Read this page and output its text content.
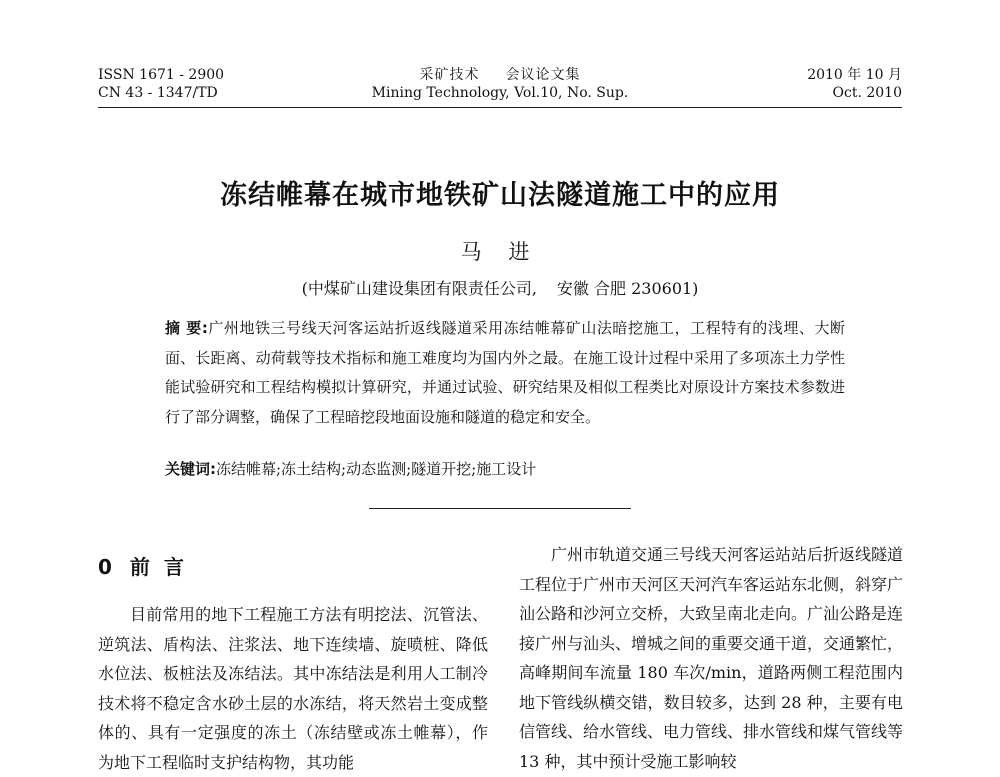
ISSN 1671 - 2900
CN 43 - 1347/TD
采矿技术 会议论文集
Mining Technology, Vol.10, No. Sup.
2010 年 10 月
Oct. 2010
冻结帷幕在城市地铁矿山法隧道施工中的应用
马 进
(中煤矿山建设集团有限责任公司, 安徽 合肥 230601)
摘 要:广州地铁三号线天河客运站折返线隧道采用冻结帷幕矿山法暗挖施工，工程特有的浅埋、大断面、长距离、动荷载等技术指标和施工难度均为国内外之最。在施工设计过程中采用了多项冻土力学性能试验研究和工程结构模拟计算研究，并通过试验、研究结果及相似工程类比对原设计方案技术参数进行了部分调整，确保了工程暗挖段地面设施和隧道的稳定和安全。
关键词:冻结帷幕;冻土结构;动态监测;隧道开挖;施工设计
0 前言

目前常用的地下工程施工方法有明挖法、沉管法、逆筑法、盾构法、注浆法、地下连续墙、旋喷桩、降低水位法、板桩法及冻结法。其中冻结法是利用人工制冷技术将不稳定含水砂土层的水冻结，将天然岩土变成整体的、具有一定强度的冻土（冻结壁或冻土帷幕），作为地下工程临时支护结构物，其功能

广州市轨道交通三号线天河客运站站后折返线隧道工程位于广州市天河区天河汽车客运站东北侧，斜穿广汕公路和沙河立交桥，大致呈南北走向。广汕公路是连接广州与汕头、增城之间的重要交通干道，交通繁忙，高峰期间车流量 180 车次/min，道路两侧工程范围内地下管线纵横交错，数目较多，达到 28 种，主要有电信管线、给水管线、电力管线、排水管线和煤气管线等 13 种，其中预计受施工影响较
